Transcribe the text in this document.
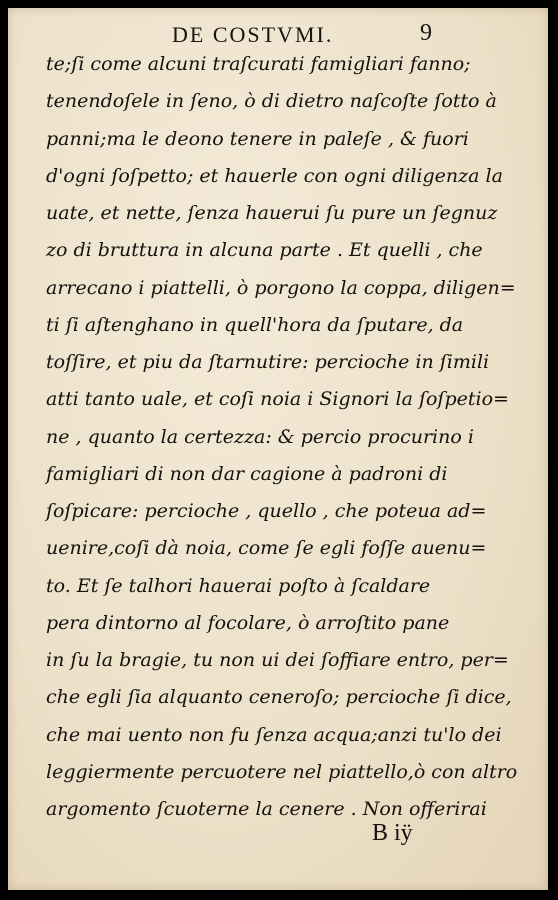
DE COSTVMI.	9
te;ſi come alcuni traſcurati famigliari fanno;
tenendoſele in ſeno, ò di dietro naſcoſte ſotto à
panni;ma le deono tenere in paleſe , & fuori
d'ogni ſoſpetto; et hauerle con ogni diligenza la
uate, et nette, ſenza hauerui ſu pure un ſegnuz
zo di bruttura in alcuna parte . Et quelli , che
arrecano i piattelli, ò porgono la coppa, diligen=
ti ſi aſtenghano in quell'hora da ſputare, da
toſſire, et piu da ſtarnutire: percioche in ſimili
atti tanto uale, et coſi noia i Signori la ſoſpetio=
ne , quanto la certezza: & percio procurino i
famigliari di non dar cagione à padroni di
ſoſpicare: percioche , quello , che poteua ad=
uenire,coſi dà noia, come ſe egli foſſe auenu=
to. Et ſe talhori hauerai poſto à ſcaldare
pera dintorno al focolare, ò arroſtito pane
in ſu la bragie, tu non ui dei ſoffiare entro, per=
che egli ſia alquanto ceneroſo; percioche ſi dice,
che mai uento non fu ſenza acqua;anzi tu'lo dei
leggiermente percuotere nel piattello,ò con altro
argomento ſcuoterne la cenere . Non offerirai
B iÿ
